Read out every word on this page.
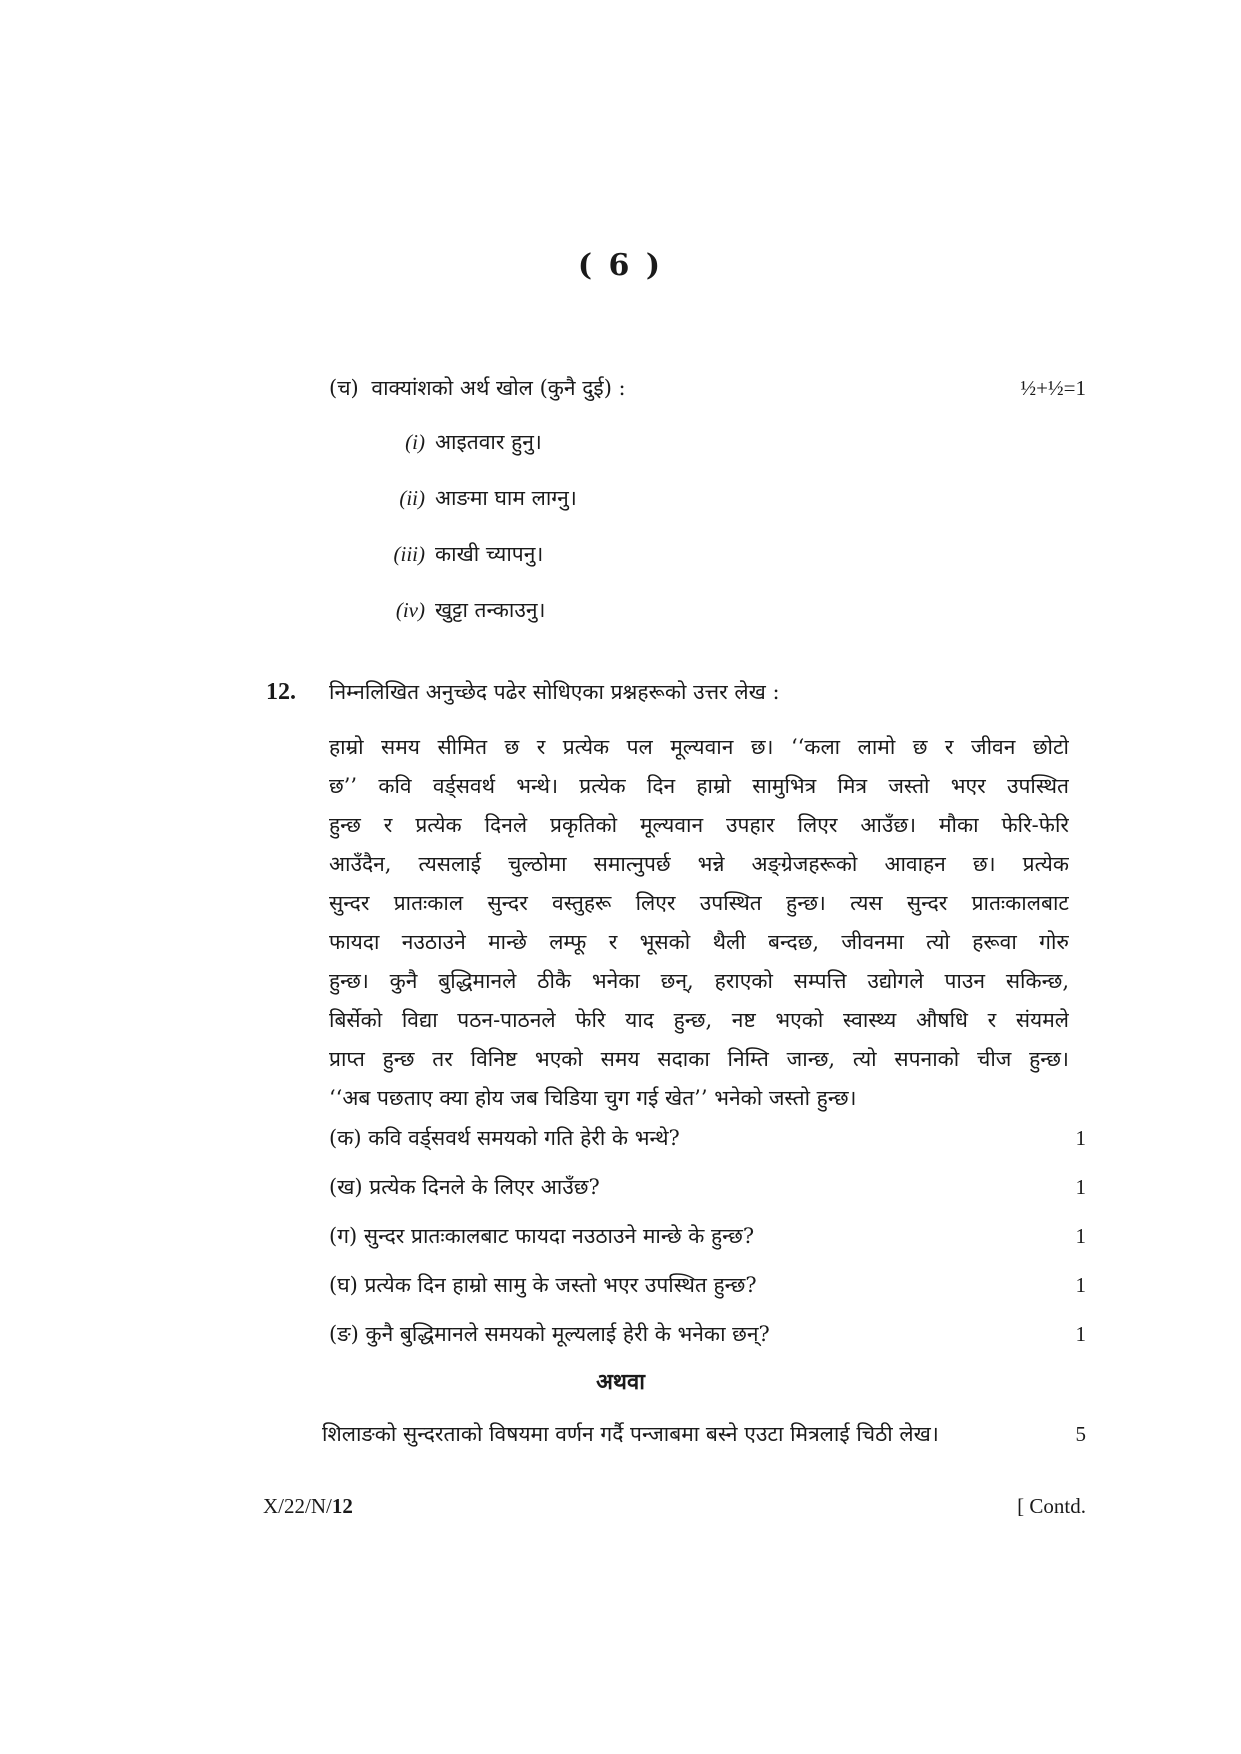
( 6 )
(च) वाक्यांशको अर्थ खोल (कुनै दुई) :	½+½=1
(i) आइतवार हुनु।
(ii) आङमा घाम लाग्नु।
(iii) काखी च्यापनु।
(iv) खुट्टा तन्काउनु।
12. निम्नलिखित अनुच्छेद पढेर सोधिएका प्रश्नहरूको उत्तर लेख :
हाम्रो समय सीमित छ र प्रत्येक पल मूल्यवान छ। ‘‘कला लामो छ र जीवन छोटो
छ’’ कवि वर्ड्सवर्थ भन्थे। प्रत्येक दिन हाम्रो सामुभित्र मित्र जस्तो भएर उपस्थित
हुन्छ र प्रत्येक दिनले प्रकृतिको मूल्यवान उपहार लिएर आउँछ। मौका फेरि-फेरि
आउँदैन, त्यसलाई चुल्ठोमा समात्नुपर्छ भन्ने अङ्ग्रेजहरूको आवाहन छ। प्रत्येक
सुन्दर प्रातःकाल सुन्दर वस्तुहरू लिएर उपस्थित हुन्छ। त्यस सुन्दर प्रातःकालबाट
फायदा नउठाउने मान्छे लम्फू र भूसको थैली बन्दछ, जीवनमा त्यो हरूवा गोरु
हुन्छ। कुनै बुद्धिमानले ठीकै भनेका छन्, हराएको सम्पत्ति उद्योगले पाउन सकिन्छ,
बिर्सेको विद्या पठन-पाठनले फेरि याद हुन्छ, नष्ट भएको स्वास्थ्य औषधि र संयमले
प्राप्त हुन्छ तर विनिष्ट भएको समय सदाका निम्ति जान्छ, त्यो सपनाको चीज हुन्छ।
‘‘अब पछताए क्या होय जब चिडिया चुग गई खेत’’ भनेको जस्तो हुन्छ।
(क) कवि वर्ड्सवर्थ समयको गति हेरी के भन्थे?	1
(ख) प्रत्येक दिनले के लिएर आउँछ?	1
(ग) सुन्दर प्रातःकालबाट फायदा नउठाउने मान्छे के हुन्छ?	1
(घ) प्रत्येक दिन हाम्रो सामु के जस्तो भएर उपस्थित हुन्छ?	1
(ङ) कुनै बुद्धिमानले समयको मूल्यलाई हेरी के भनेका छन्?	1
अथवा
शिलाङको सुन्दरताको विषयमा वर्णन गर्दै पन्जाबमा बस्ने एउटा मित्रलाई चिठी लेख।	5
X/22/N/12	[ Contd.
